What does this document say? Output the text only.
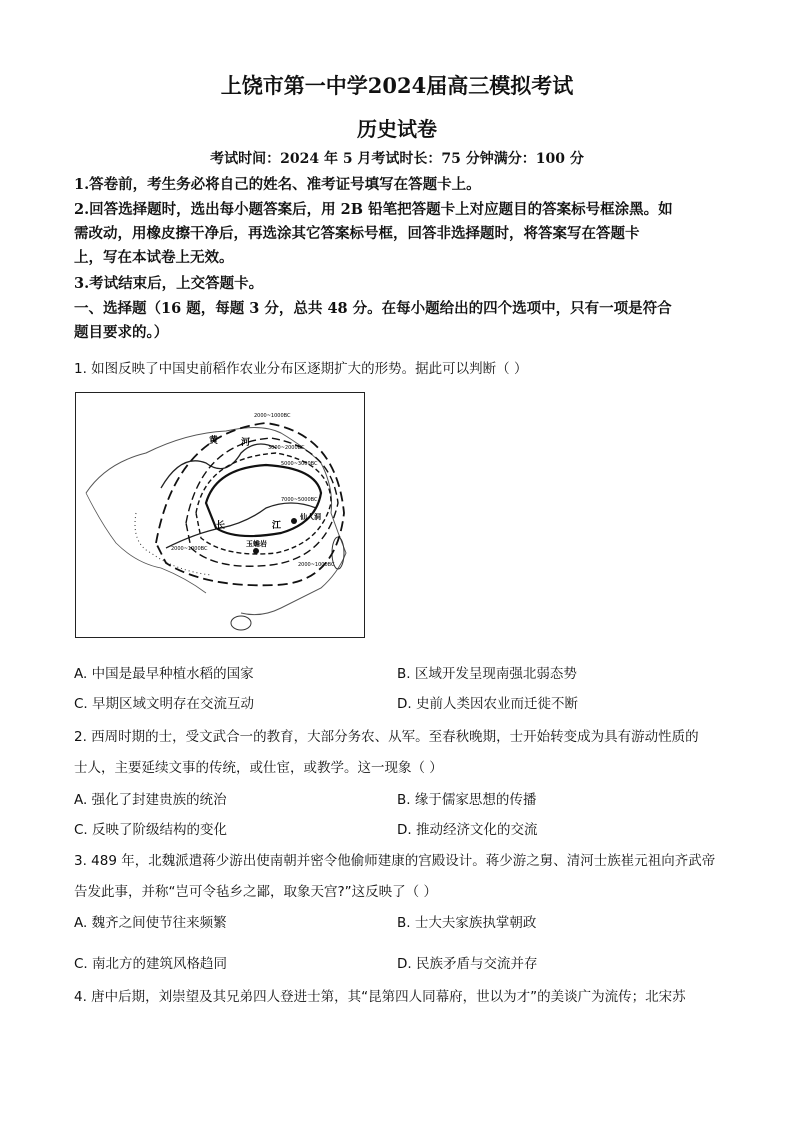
上饶市第一中学2024届高三模拟考试
历史试卷
考试时间：2024 年 5 月考试时长：75 分钟满分：100 分
1.答卷前，考生务必将自己的姓名、准考证号填写在答题卡上。
2.回答选择题时，选出每小题答案后，用 2B 铅笔把答题卡上对应题目的答案标号框涂黑。如
需改动，用橡皮擦干净后，再选涂其它答案标号框，回答非选择题时，将答案写在答题卡
上，写在本试卷上无效。
3.考试结束后，上交答题卡。
一、选择题（16 题，每题 3 分，总共 48 分。在每小题给出的四个选项中，只有一项是符合
题目要求的。）
1. 如图反映了中国史前稻作农业分布区逐期扩大的形势。据此可以判断（ ）
2000~1000BC
3000~2000BC
5000~3000BC
7000~5000BC
2000~1000BC
2000~1000BC
黄	河
长	江
仙人洞
玉蟾岩
A. 中国是最早种植水稻的国家	B. 区域开发呈现南强北弱态势
C. 早期区域文明存在交流互动	D. 史前人类因农业而迁徙不断
2. 西周时期的士，受文武合一的教育，大部分务农、从军。至春秋晚期，士开始转变成为具有游动性质的
士人，主要延续文事的传统，或仕宦，或教学。这一现象（ ）
A. 强化了封建贵族的统治	B. 缘于儒家思想的传播
C. 反映了阶级结构的变化	D. 推动经济文化的交流
3. 489 年，北魏派遣蒋少游出使南朝并密令他偷师建康的宫殿设计。蒋少游之舅、清河士族崔元祖向齐武帝
告发此事，并称“岂可令毡乡之鄙，取象天宫?”这反映了（ ）
A. 魏齐之间使节往来频繁	B. 士大夫家族执掌朝政
C. 南北方的建筑风格趋同	D. 民族矛盾与交流并存
4. 唐中后期，刘崇望及其兄弟四人登进士第，其“昆第四人同幕府，世以为才”的美谈广为流传；北宋苏
